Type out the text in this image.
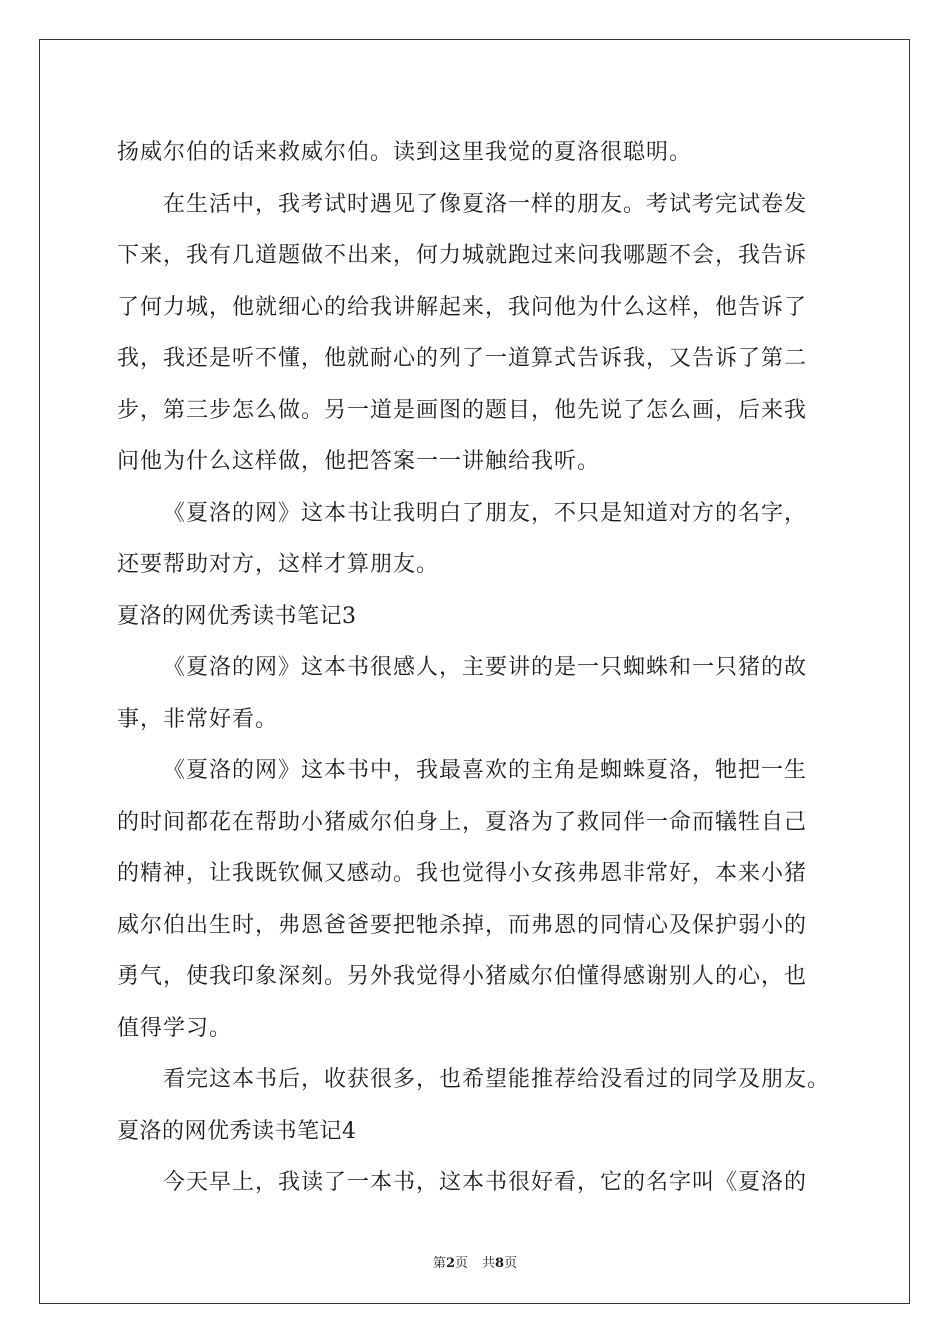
扬威尔伯的话来救威尔伯。读到这里我觉的夏洛很聪明。
在生活中，我考试时遇见了像夏洛一样的朋友。考试考完试卷发
下来，我有几道题做不出来，何力城就跑过来问我哪题不会，我告诉
了何力城，他就细心的给我讲解起来，我问他为什么这样，他告诉了
我，我还是听不懂，他就耐心的列了一道算式告诉我，又告诉了第二
步，第三步怎么做。另一道是画图的题目，他先说了怎么画，后来我
问他为什么这样做，他把答案一一讲触给我听。
《夏洛的网》这本书让我明白了朋友，不只是知道对方的名字，
还要帮助对方，这样才算朋友。
夏洛的网优秀读书笔记3
《夏洛的网》这本书很感人，主要讲的是一只蜘蛛和一只猪的故
事，非常好看。
《夏洛的网》这本书中，我最喜欢的主角是蜘蛛夏洛，牠把一生
的时间都花在帮助小猪威尔伯身上，夏洛为了救同伴一命而犠牲自己
的精神，让我既钦佩又感动。我也觉得小女孩弗恩非常好，本来小猪
威尔伯出生时，弗恩爸爸要把牠杀掉，而弗恩的同情心及保护弱小的
勇气，使我印象深刻。另外我觉得小猪威尔伯懂得感谢别人的心，也
值得学习。
看完这本书后，收获很多，也希望能推荐给没看过的同学及朋友。
夏洛的网优秀读书笔记4
今天早上，我读了一本书，这本书很好看，它的名字叫《夏洛的
第2页 共8页
